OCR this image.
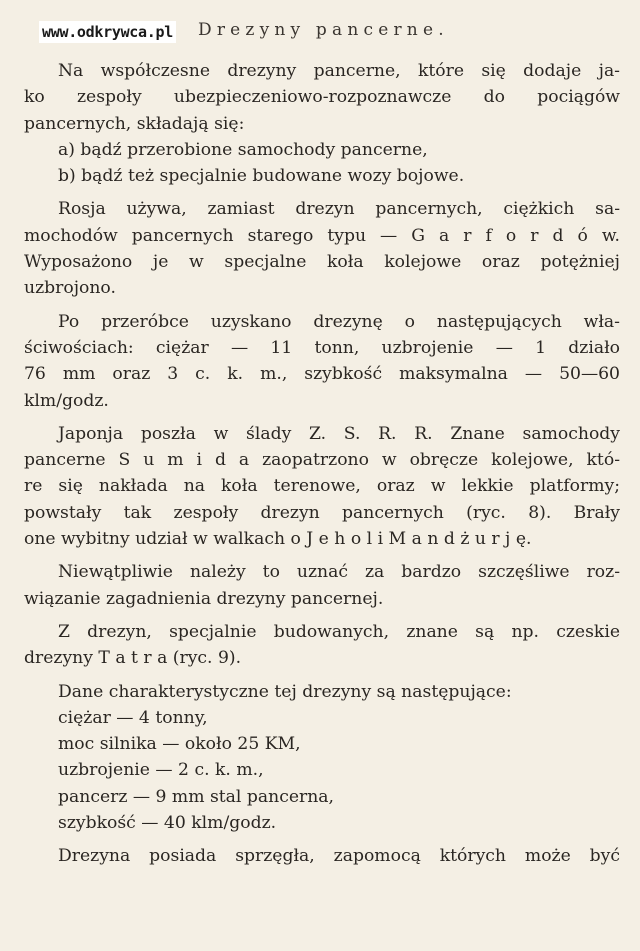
Drezyny pancerne.
www.odkrywca.pl
Na współczesne drezyny pancerne, które się dodaje ja-
ko zespoły ubezpieczeniowo-rozpoznawcze do pociągów
pancernych, składają się:
a) bądź przerobione samochody pancerne,
b) bądź też specjalnie budowane wozy bojowe.
Rosja używa, zamiast drezyn pancernych, ciężkich sa-
mochodów pancernych starego typu — G a r f o r d ó w.
Wyposażono je w specjalne koła kolejowe oraz potężniej
uzbrojono.
Po przeróbce uzyskano drezynę o następujących wła-
ściwościach: ciężar — 11 tonn, uzbrojenie — 1 działo
76 mm oraz 3 c. k. m., szybkość maksymalna — 50—60
klm/godz.
Japonja poszła w ślady Z. S. R. R. Znane samochody
pancerne S u m i d a zaopatrzono w obręcze kolejowe, któ-
re się nakłada na koła terenowe, oraz w lekkie platformy;
powstały tak zespoły drezyn pancernych (ryc. 8). Brały
one wybitny udział w walkach o J e h o l i M a n d ż u r j ę.
Niewątpliwie należy to uznać za bardzo szczęśliwe roz-
wiązanie zagadnienia drezyny pancernej.
Z drezyn, specjalnie budowanych, znane są np. czeskie
drezyny T a t r a (ryc. 9).
Dane charakterystyczne tej drezyny są następujące:
ciężar — 4 tonny,
moc silnika — około 25 KM,
uzbrojenie — 2 c. k. m.,
pancerz — 9 mm stal pancerna,
szybkość — 40 klm/godz.
Drezyna posiada sprzęgła, zapomocą których może być
